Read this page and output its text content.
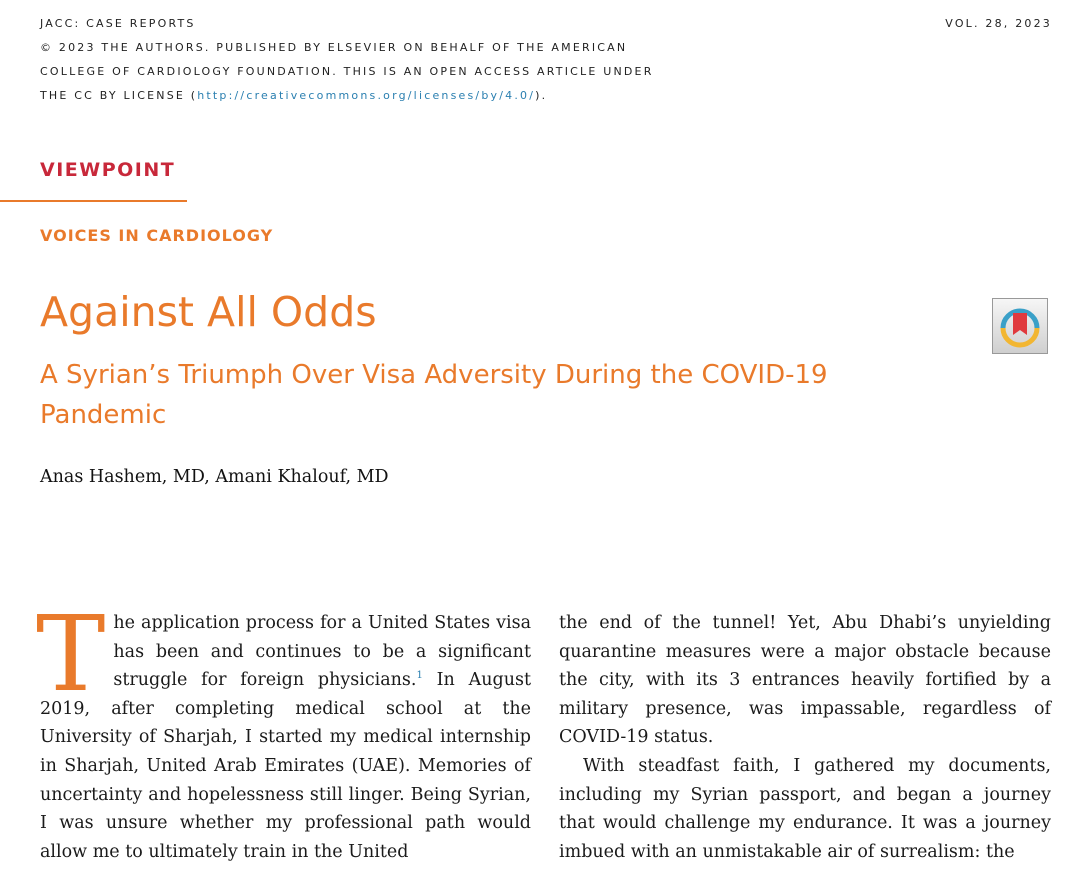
JACC: CASE REPORTS	VOL. 28, 2023
© 2023 THE AUTHORS. PUBLISHED BY ELSEVIER ON BEHALF OF THE AMERICAN
COLLEGE OF CARDIOLOGY FOUNDATION. THIS IS AN OPEN ACCESS ARTICLE UNDER
THE CC BY LICENSE (http://creativecommons.org/licenses/by/4.0/).
VIEWPOINT
VOICES IN CARDIOLOGY
Against All Odds
A Syrian’s Triumph Over Visa Adversity During the COVID-19 Pandemic
Anas Hashem, MD, Amani Khalouf, MD

The application process for a United States visa has been and continues to be a significant struggle for foreign physicians.$^1$ In August 2019, after completing medical school at the University of Sharjah, I started my medical internship in Sharjah, United Arab Emirates (UAE). Memories of uncertainty and hopelessness still linger. Being Syrian, I was unsure whether my professional path would allow me to ultimately train in the United

the end of the tunnel! Yet, Abu Dhabi’s unyielding quarantine measures were a major obstacle because the city, with its 3 entrances heavily fortified by a military presence, was impassable, regardless of COVID-19 status.

With steadfast faith, I gathered my documents, including my Syrian passport, and began a journey that would challenge my endurance. It was a journey imbued with an unmistakable air of surrealism: the
